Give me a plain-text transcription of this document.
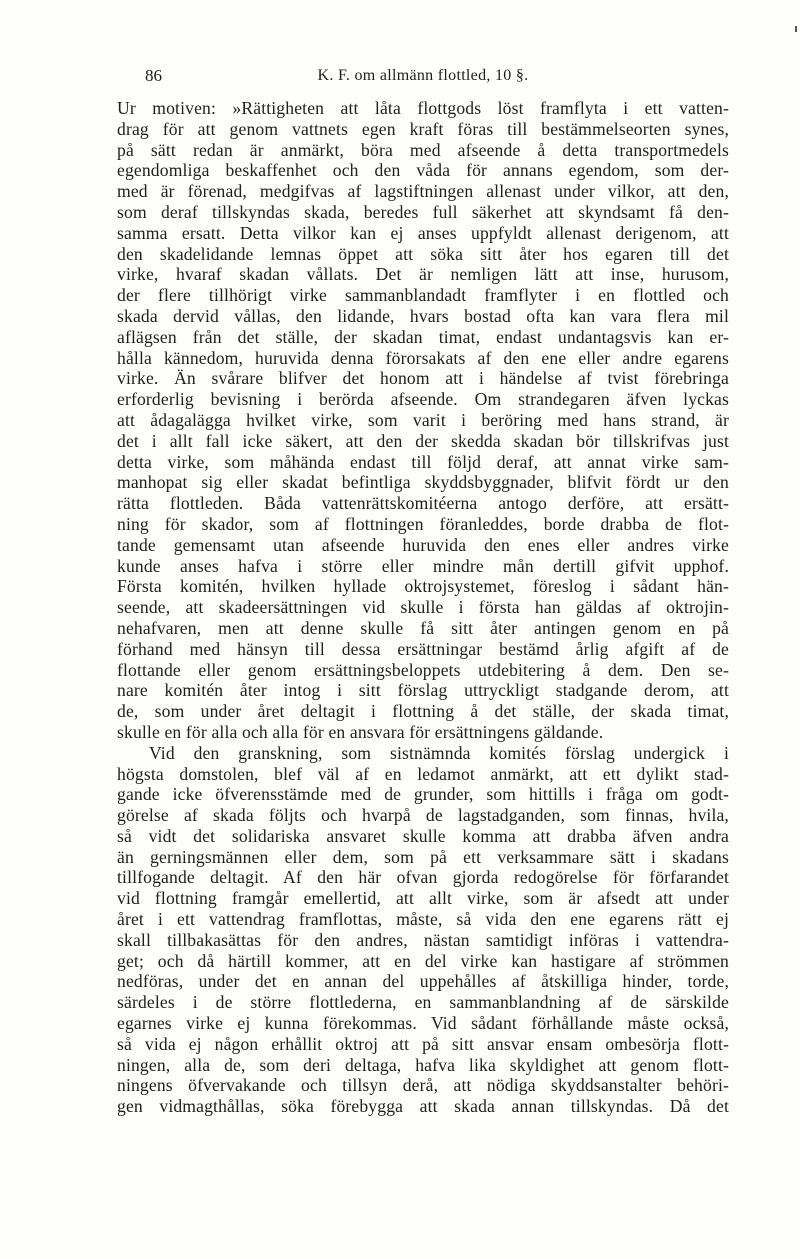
86	K. F. om allmänn flottled, 10 §.
Ur motiven: »Rättigheten att låta flottgods löst framflyta i ett vatten-
drag för att genom vattnets egen kraft föras till bestämmelseorten synes,
på sätt redan är anmärkt, böra med afseende å detta transportmedels
egendomliga beskaffenhet och den våda för annans egendom, som der-
med är förenad, medgifvas af lagstiftningen allenast under vilkor, att den,
som deraf tillskyndas skada, beredes full säkerhet att skyndsamt få den-
samma ersatt. Detta vilkor kan ej anses uppfyldt allenast derigenom, att
den skadelidande lemnas öppet att söka sitt åter hos egaren till det
virke, hvaraf skadan vållats. Det är nemligen lätt att inse, hurusom,
der flere tillhörigt virke sammanblandadt framflyter i en flottled och
skada dervid vållas, den lidande, hvars bostad ofta kan vara flera mil
aflägsen från det ställe, der skadan timat, endast undantagsvis kan er-
hålla kännedom, huruvida denna förorsakats af den ene eller andre egarens
virke. Än svårare blifver det honom att i händelse af tvist förebringa
erforderlig bevisning i berörda afseende. Om strandegaren äfven lyckas
att ådagalägga hvilket virke, som varit i beröring med hans strand, är
det i allt fall icke säkert, att den der skedda skadan bör tillskrifvas just
detta virke, som måhända endast till följd deraf, att annat virke sam-
manhopat sig eller skadat befintliga skyddsbyggnader, blifvit fördt ur den
rätta flottleden. Båda vattenrättskomitéerna antogo derföre, att ersätt-
ning för skador, som af flottningen föranleddes, borde drabba de flot-
tande gemensamt utan afseende huruvida den enes eller andres virke
kunde anses hafva i större eller mindre mån dertill gifvit upphof.
Första komitén, hvilken hyllade oktrojsystemet, föreslog i sådant hän-
seende, att skadeersättningen vid skulle i första han gäldas af oktrojin-
nehafvaren, men att denne skulle få sitt åter antingen genom en på
förhand med hänsyn till dessa ersättningar bestämd årlig afgift af de
flottande eller genom ersättningsbeloppets utdebitering å dem. Den se-
nare komitén åter intog i sitt förslag uttryckligt stadgande derom, att
de, som under året deltagit i flottning å det ställe, der skada timat,
skulle en för alla och alla för en ansvara för ersättningens gäldande.
Vid den granskning, som sistnämnda komités förslag undergick i
högsta domstolen, blef väl af en ledamot anmärkt, att ett dylikt stad-
gande icke öfverensstämde med de grunder, som hittills i fråga om godt-
görelse af skada följts och hvarpå de lagstadganden, som finnas, hvila,
så vidt det solidariska ansvaret skulle komma att drabba äfven andra
än gerningsmännen eller dem, som på ett verksammare sätt i skadans
tillfogande deltagit. Af den här ofvan gjorda redogörelse för förfarandet
vid flottning framgår emellertid, att allt virke, som är afsedt att under
året i ett vattendrag framflottas, måste, så vida den ene egarens rätt ej
skall tillbakasättas för den andres, nästan samtidigt införas i vattendra-
get; och då härtill kommer, att en del virke kan hastigare af strömmen
nedföras, under det en annan del uppehålles af åtskilliga hinder, torde,
särdeles i de större flottlederna, en sammanblandning af de särskilde
egarnes virke ej kunna förekommas. Vid sådant förhållande måste också,
så vida ej någon erhållit oktroj att på sitt ansvar ensam ombesörja flott-
ningen, alla de, som deri deltaga, hafva lika skyldighet att genom flott-
ningens öfvervakande och tillsyn derå, att nödiga skyddsanstalter behöri-
gen vidmagthållas, söka förebygga att skada annan tillskyndas. Då det
